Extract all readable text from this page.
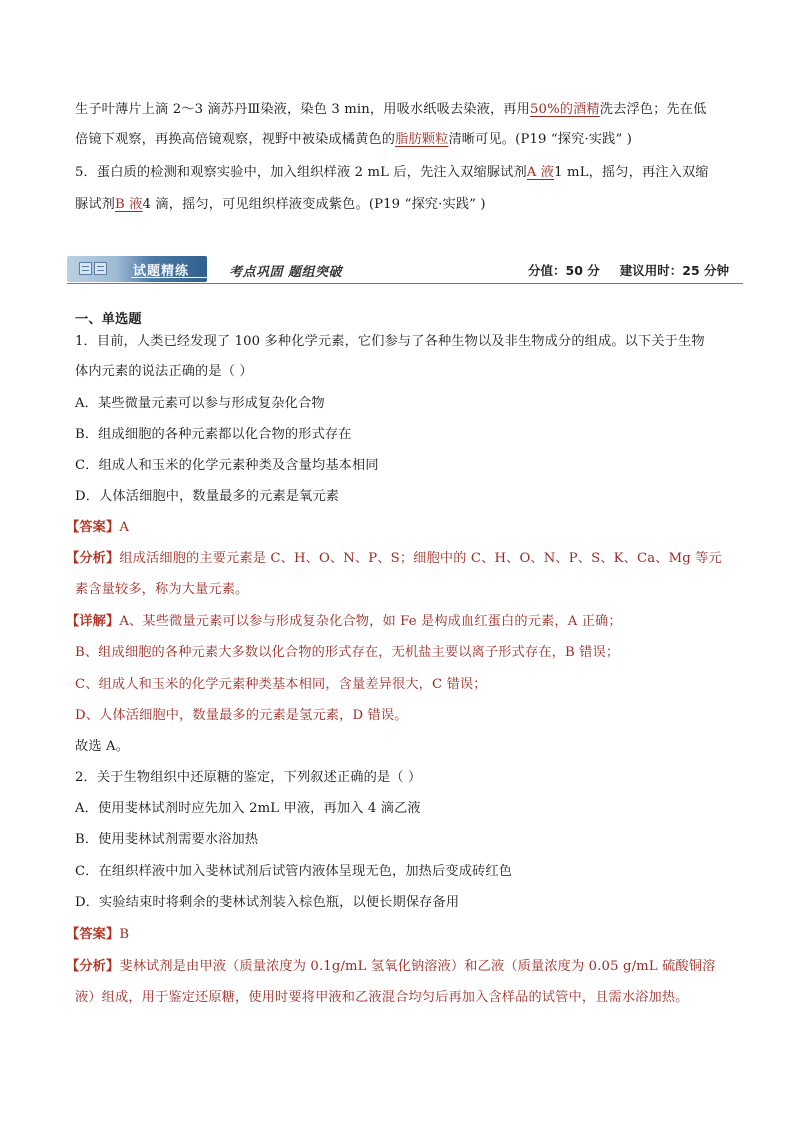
生子叶薄片上滴 2～3 滴苏丹Ⅲ染液，染色 3 min，用吸水纸吸去染液，再用50%的酒精洗去浮色；先在低
倍镜下观察，再换高倍镜观察，视野中被染成橘黄色的脂肪颗粒清晰可见。(P19 “探究·实践” )
5．蛋白质的检测和观察实验中，加入组织样液 2 mL 后，先注入双缩脲试剂A 液1 mL，摇匀，再注入双缩
脲试剂B 液4 滴，摇匀，可见组织样液变成紫色。(P19 “探究·实践” )
试题精练	考点巩固 题组突破	分值：50 分 建议用时：25 分钟
一、单选题
1．目前，人类已经发现了 100 多种化学元素，它们参与了各种生物以及非生物成分的组成。以下关于生物
体内元素的说法正确的是（ ）
A．某些微量元素可以参与形成复杂化合物
B．组成细胞的各种元素都以化合物的形式存在
C．组成人和玉米的化学元素种类及含量均基本相同
D．人体活细胞中，数量最多的元素是氧元素
【答案】A
【分析】组成活细胞的主要元素是 C、H、O、N、P、S；细胞中的 C、H、O、N、P、S、K、Ca、Mg 等元
素含量较多，称为大量元素。
【详解】A、某些微量元素可以参与形成复杂化合物，如 Fe 是构成血红蛋白的元素，A 正确；
B、组成细胞的各种元素大多数以化合物的形式存在，无机盐主要以离子形式存在，B 错误；
C、组成人和玉米的化学元素种类基本相同，含量差异很大，C 错误；
D、人体活细胞中，数量最多的元素是氢元素，D 错误。
故选 A。
2．关于生物组织中还原糖的鉴定，下列叙述正确的是（ ）
A．使用斐林试剂时应先加入 2mL 甲液，再加入 4 滴乙液
B．使用斐林试剂需要水浴加热
C．在组织样液中加入斐林试剂后试管内液体呈现无色，加热后变成砖红色
D．实验结束时将剩余的斐林试剂装入棕色瓶，以便长期保存备用
【答案】B
【分析】斐林试剂是由甲液（质量浓度为 0.1g/mL 氢氧化钠溶液）和乙液（质量浓度为 0.05 g/mL 硫酸铜溶
液）组成，用于鉴定还原糖，使用时要将甲液和乙液混合均匀后再加入含样品的试管中，且需水浴加热。
